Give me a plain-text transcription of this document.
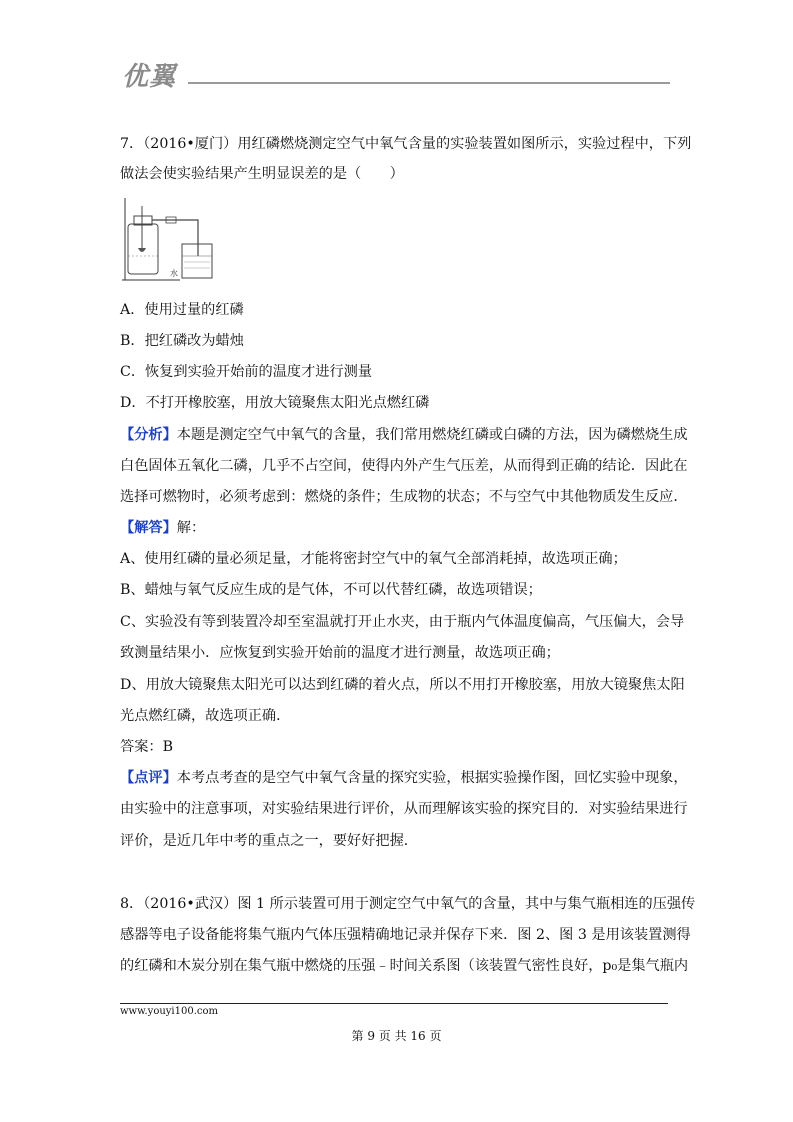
优翼
7．（2016•厦门）用红磷燃烧测定空气中氧气含量的实验装置如图所示，实验过程中，下列
做法会使实验结果产生明显误差的是（　　）
水
A．使用过量的红磷
B．把红磷改为蜡烛
C．恢复到实验开始前的温度才进行测量
D．不打开橡胶塞，用放大镜聚焦太阳光点燃红磷
【分析】本题是测定空气中氧气的含量，我们常用燃烧红磷或白磷的方法，因为磷燃烧生成
白色固体五氧化二磷，几乎不占空间，使得内外产生气压差，从而得到正确的结论．因此在
选择可燃物时，必须考虑到：燃烧的条件；生成物的状态；不与空气中其他物质发生反应．
【解答】解：
A、使用红磷的量必须足量，才能将密封空气中的氧气全部消耗掉，故选项正确；
B、蜡烛与氧气反应生成的是气体，不可以代替红磷，故选项错误；
C、实验没有等到装置冷却至室温就打开止水夹，由于瓶内气体温度偏高，气压偏大，会导
致测量结果小．应恢复到实验开始前的温度才进行测量，故选项正确；
D、用放大镜聚焦太阳光可以达到红磷的着火点，所以不用打开橡胶塞，用放大镜聚焦太阳
光点燃红磷，故选项正确．
答案：B
【点评】本考点考查的是空气中氧气含量的探究实验，根据实验操作图，回忆实验中现象，
由实验中的注意事项，对实验结果进行评价，从而理解该实验的探究目的．对实验结果进行
评价，是近几年中考的重点之一，要好好把握．
8．（2016•武汉）图 1 所示装置可用于测定空气中氧气的含量，其中与集气瓶相连的压强传
感器等电子设备能将集气瓶内气体压强精确地记录并保存下来．图 2、图 3 是用该装置测得
的红磷和木炭分别在集气瓶中燃烧的压强﹣时间关系图（该装置气密性良好，p₀是集气瓶内
www.youyi100.com
第 9 页 共 16 页
